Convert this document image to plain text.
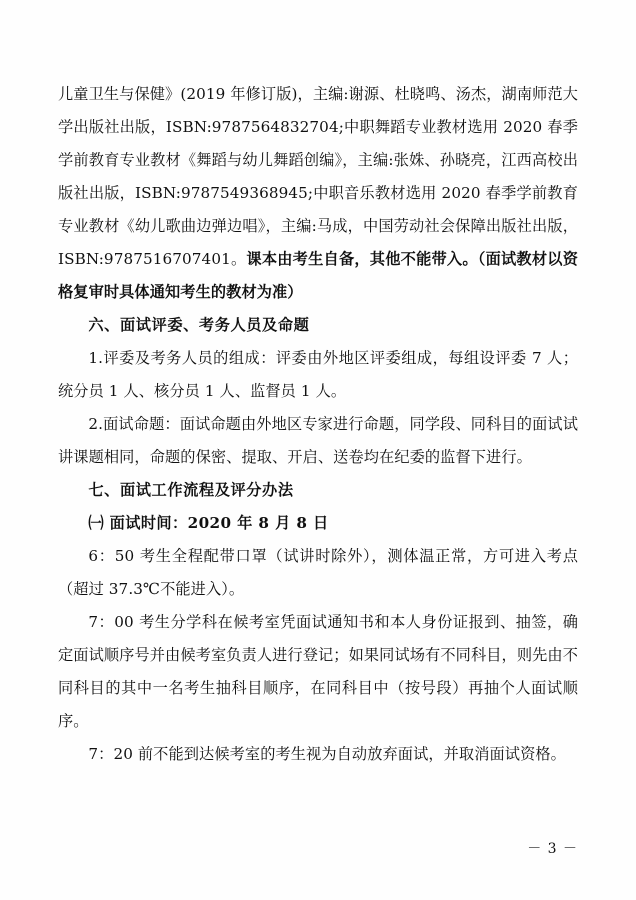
儿童卫生与保健》(2019 年修订版)，主编:谢源、杜晓鸣、汤杰，湖南师范大学出版社出版，ISBN:9787564832704;中职舞蹈专业教材选用 2020 春季学前教育专业教材《舞蹈与幼儿舞蹈创编》，主编:张姝、孙晓亮，江西高校出版社出版，ISBN:9787549368945;中职音乐教材选用 2020 春季学前教育专业教材《幼儿歌曲边弹边唱》，主编:马成，中国劳动社会保障出版社出版，ISBN:9787516707401。课本由考生自备，其他不能带入。（面试教材以资格复审时具体通知考生的教材为准）

六、面试评委、考务人员及命题

1.评委及考务人员的组成：评委由外地区评委组成，每组设评委 7 人；统分员 1 人、核分员 1 人、监督员 1 人。

2.面试命题：面试命题由外地区专家进行命题，同学段、同科目的面试试讲课题相同，命题的保密、提取、开启、送卷均在纪委的监督下进行。

七、面试工作流程及评分办法

㈠ 面试时间：2020 年 8 月 8 日

6：50 考生全程配带口罩（试讲时除外），测体温正常，方可进入考点（超过 37.3℃不能进入）。

7：00 考生分学科在候考室凭面试通知书和本人身份证报到、抽签，确定面试顺序号并由候考室负责人进行登记；如果同试场有不同科目，则先由不同科目的其中一名考生抽科目顺序，在同科目中（按号段）再抽个人面试顺序。

7：20 前不能到达候考室的考生视为自动放弃面试，并取消面试资格。

－ 3 －
